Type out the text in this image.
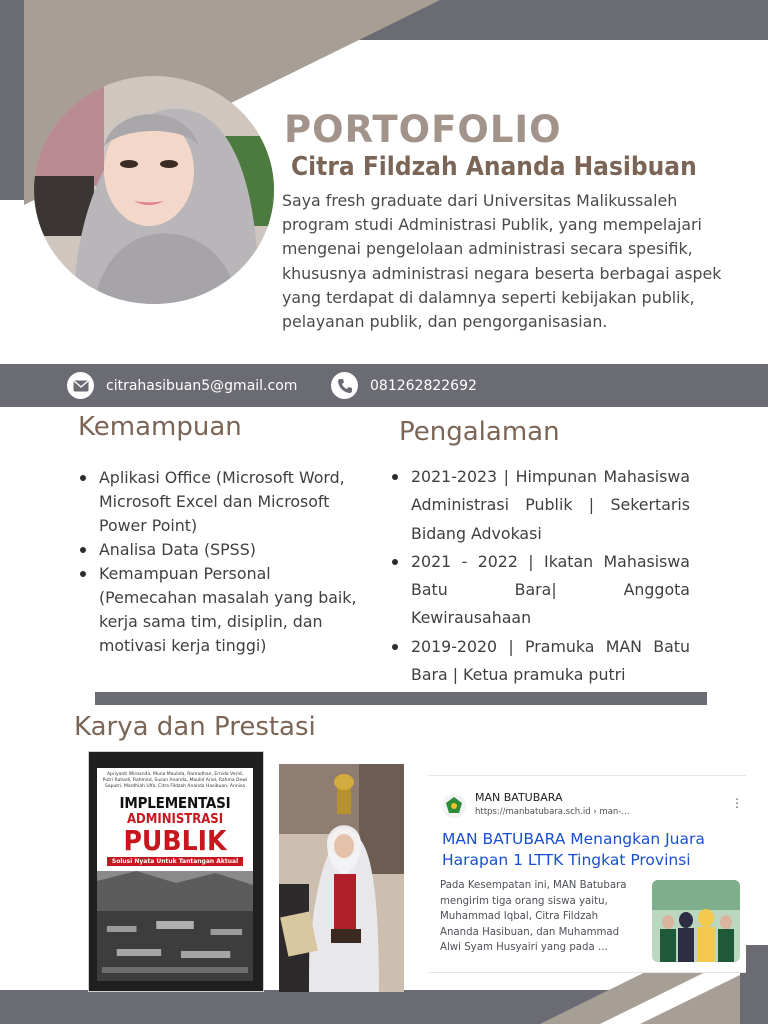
PORTOFOLIO
Citra Fildzah Ananda Hasibuan
Saya fresh graduate dari Universitas Malikussaleh program studi Administrasi Publik, yang mempelajari mengenai pengelolaan administrasi secara spesifik, khususnya administrasi negara beserta berbagai aspek yang terdapat di dalamnya seperti kebijakan publik, pelayanan publik, dan pengorganisasian.
citrahasibuan5@gmail.com	081262822692
Kemampuan
Aplikasi Office (Microsoft Word, Microsoft Excel dan Microsoft Power Point)
Analisa Data (SPSS)
Kemampuan Personal (Pemecahan masalah yang baik, kerja sama tim, disiplin, dan motivasi kerja tinggi)
Pengalaman
2021-2023 | Himpunan Mahasiswa Administrasi Publik | Sekertaris Bidang Advokasi
2021 - 2022 | Ikatan Mahasiswa Batu Bara| Anggota Kewirausahaan
2019-2020 | Pramuka MAN Batu Bara | Ketua pramuka putri
Karya dan Prestasi
Apriyanti Wiraanda, Muna Maulida, Ramadhan, Ernida Verid, Putri Rahadi, Rahmad, Susan Ananda, Maulid Ariel, Rahma Dewi Saputri, Mardhiah Ulfa, Citra Fildzah Ananda Hasibuan, Annisa
IMPLEMENTASI
ADMINISTRASI
PUBLIK
Solusi Nyata Untuk Tantangan Aktual
MAN BATUBARA
https://manbatubara.sch.id › man-...
⋮
MAN BATUBARA Menangkan Juara Harapan 1 LTTK Tingkat Provinsi
Pada Kesempatan ini, MAN Batubara mengirim tiga orang siswa yaitu, Muhammad Iqbal, Citra Fildzah Ananda Hasibuan, dan Muhammad Alwi Syam Husyairi yang pada ...
